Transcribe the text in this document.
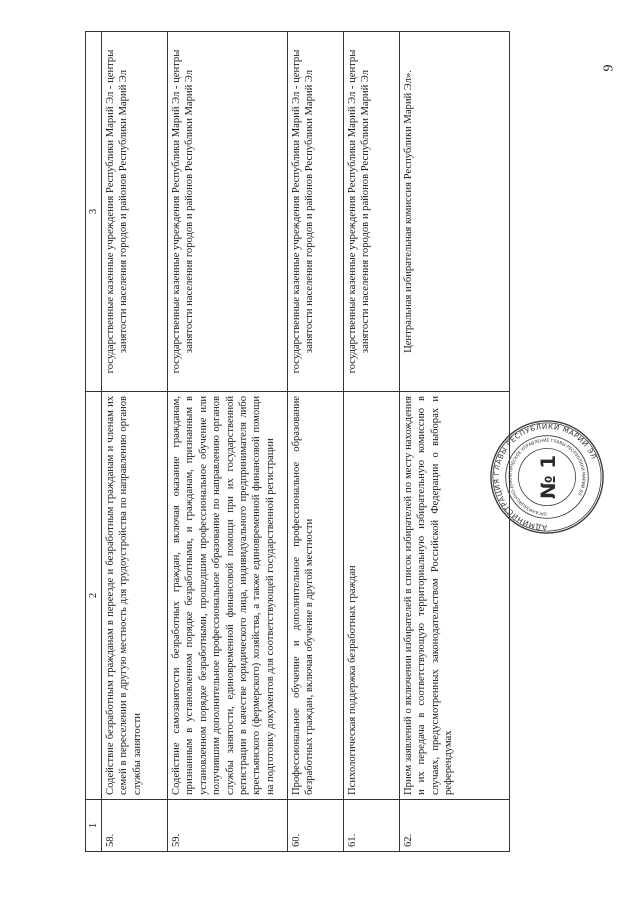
9
1	2	3
58.	Содействие безработным гражданам в переезде и безработным гражданам и членам их семей в переселении в другую местность для трудоустройства по направлению органов службы занятости	государственные казенные учреждения Республики Марий Эл - центры занятости населения городов и районов Республики Марий Эл
59.	Содействие самозанятости безработных граждан, включая оказание гражданам, признанным в установленном порядке безработными, и гражданам, признанным в установленном порядке безработными, прошедшим профессиональное обучение или получившим дополнительное профессиональное образование по направлению органов службы занятости, единовременной финансовой помощи при их государственной регистрации в качестве юридического лица, индивидуального предпринимателя либо крестьянского (фермерского) хозяйства, а также единовременной финансовой помощи на подготовку документов для соответствующей государственной регистрации	государственные казенные учреждения Республики Марий Эл - центры занятости населения городов и районов Республики Марий Эл
60.	Профессиональное обучение и дополнительное профессиональное образование безработных граждан, включая обучение в другой местности	государственные казенные учреждения Республики Марий Эл - центры занятости населения городов и районов Республики Марий Эл
61.	Психологическая поддержка безработных граждан	государственные казенные учреждения Республики Марий Эл - центры занятости населения городов и районов Республики Марий Эл
62.	Прием заявлений о включении избирателей в список избирателей по месту нахождения и их передача в соответствующую территориальную избирательную комиссию в случаях, предусмотренных законодательством Российской Федерации о выборах и референдумах	Центральная избирательная комиссия Республики Марий Эл».
АДМИНИСТРАЦИЯ ГЛАВЫ РЕСПУБЛИКИ МАРИЙ ЭЛ
ОРГАНИЗАЦИОННО-АНАЛИТИЧЕСКОЕ УПРАВЛЕНИЕ ГЛАВЫ РЕСПУБЛИКИ МАРИЙ ЭЛ
№ 1
